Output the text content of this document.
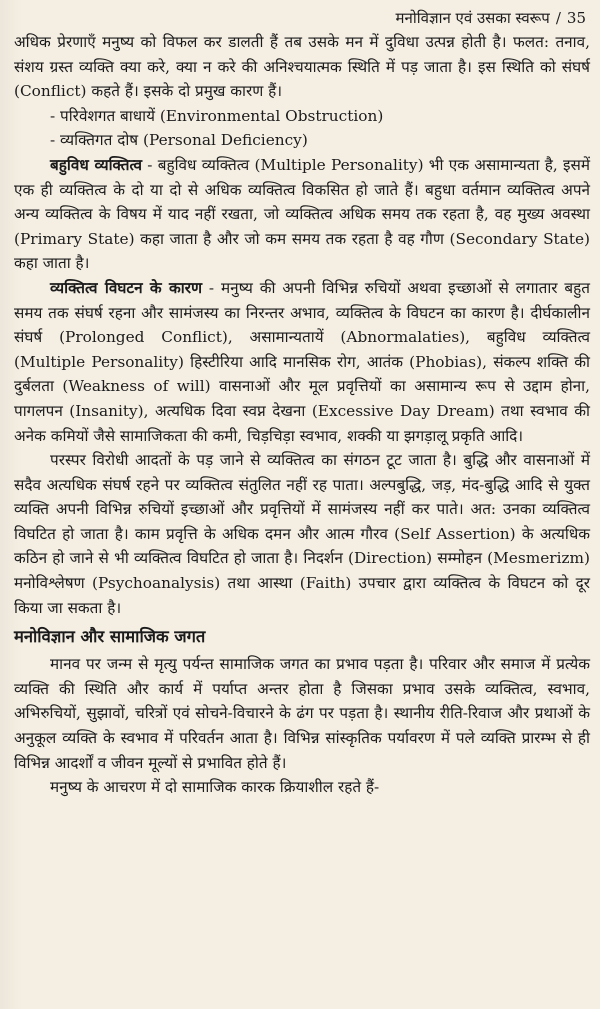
मनोविज्ञान एवं उसका स्वरूप / 35

अधिक प्रेरणाएँ मनुष्य को विफल कर डालती हैं तब उसके मन में दुविधा उत्पन्न होती है। फलत: तनाव, संशय ग्रस्त व्यक्ति क्या करे, क्या न करे की अनिश्चयात्मक स्थिति में पड़ जाता है। इस स्थिति को संघर्ष (Conflict) कहते हैं। इसके दो प्रमुख कारण हैं।

- परिवेशगत बाधायें (Environmental Obstruction)

- व्यक्तिगत दोष (Personal Deficiency)

बहुविध व्यक्तित्व - बहुविध व्यक्तित्व (Multiple Personality) भी एक असामान्यता है, इसमें एक ही व्यक्तित्व के दो या दो से अधिक व्यक्तित्व विकसित हो जाते हैं। बहुधा वर्तमान व्यक्तित्व अपने अन्य व्यक्तित्व के विषय में याद नहीं रखता, जो व्यक्तित्व अधिक समय तक रहता है, वह मुख्य अवस्था (Primary State) कहा जाता है और जो कम समय तक रहता है वह गौण (Secondary State) कहा जाता है।

व्यक्तित्व विघटन के कारण - मनुष्य की अपनी विभिन्न रुचियों अथवा इच्छाओं से लगातार बहुत समय तक संघर्ष रहना और सामंजस्य का निरन्तर अभाव, व्यक्तित्व के विघटन का कारण है। दीर्घकालीन संघर्ष (Prolonged Conflict), असामान्यतायें (Abnormalaties), बहुविध व्यक्तित्व (Multiple Personality) हिस्टीरिया आदि मानसिक रोग, आतंक (Phobias), संकल्प शक्ति की दुर्बलता (Weakness of will) वासनाओं और मूल प्रवृत्तियों का असामान्य रूप से उद्दाम होना, पागलपन (Insanity), अत्यधिक दिवा स्वप्न देखना (Excessive Day Dream) तथा स्वभाव की अनेक कमियों जैसे सामाजिकता की कमी, चिड़चिड़ा स्वभाव, शक्की या झगड़ालू प्रकृति आदि।

परस्पर विरोधी आदतों के पड़ जाने से व्यक्तित्व का संगठन टूट जाता है। बुद्धि और वासनाओं में सदैव अत्यधिक संघर्ष रहने पर व्यक्तित्व संतुलित नहीं रह पाता। अल्पबुद्धि, जड़, मंद-बुद्धि आदि से युक्त व्यक्ति अपनी विभिन्न रुचियों इच्छाओं और प्रवृत्तियों में सामंजस्य नहीं कर पाते। अत: उनका व्यक्तित्व विघटित हो जाता है। काम प्रवृत्ति के अधिक दमन और आत्म गौरव (Self Assertion) के अत्यधिक कठिन हो जाने से भी व्यक्तित्व विघटित हो जाता है। निदर्शन (Direction) सम्मोहन (Mesmerizm) मनोविश्लेषण (Psychoanalysis) तथा आस्था (Faith) उपचार द्वारा व्यक्तित्व के विघटन को दूर किया जा सकता है।

मनोविज्ञान और सामाजिक जगत

मानव पर जन्म से मृत्यु पर्यन्त सामाजिक जगत का प्रभाव पड़ता है। परिवार और समाज में प्रत्येक व्यक्ति की स्थिति और कार्य में पर्याप्त अन्तर होता है जिसका प्रभाव उसके व्यक्तित्व, स्वभाव, अभिरुचियों, सुझावों, चरित्रों एवं सोचने-विचारने के ढंग पर पड़ता है। स्थानीय रीति-रिवाज और प्रथाओं के अनुकूल व्यक्ति के स्वभाव में परिवर्तन आता है। विभिन्न सांस्कृतिक पर्यावरण में पले व्यक्ति प्रारम्भ से ही विभिन्न आदर्शों व जीवन मूल्यों से प्रभावित होते हैं।

मनुष्य के आचरण में दो सामाजिक कारक क्रियाशील रहते हैं-
